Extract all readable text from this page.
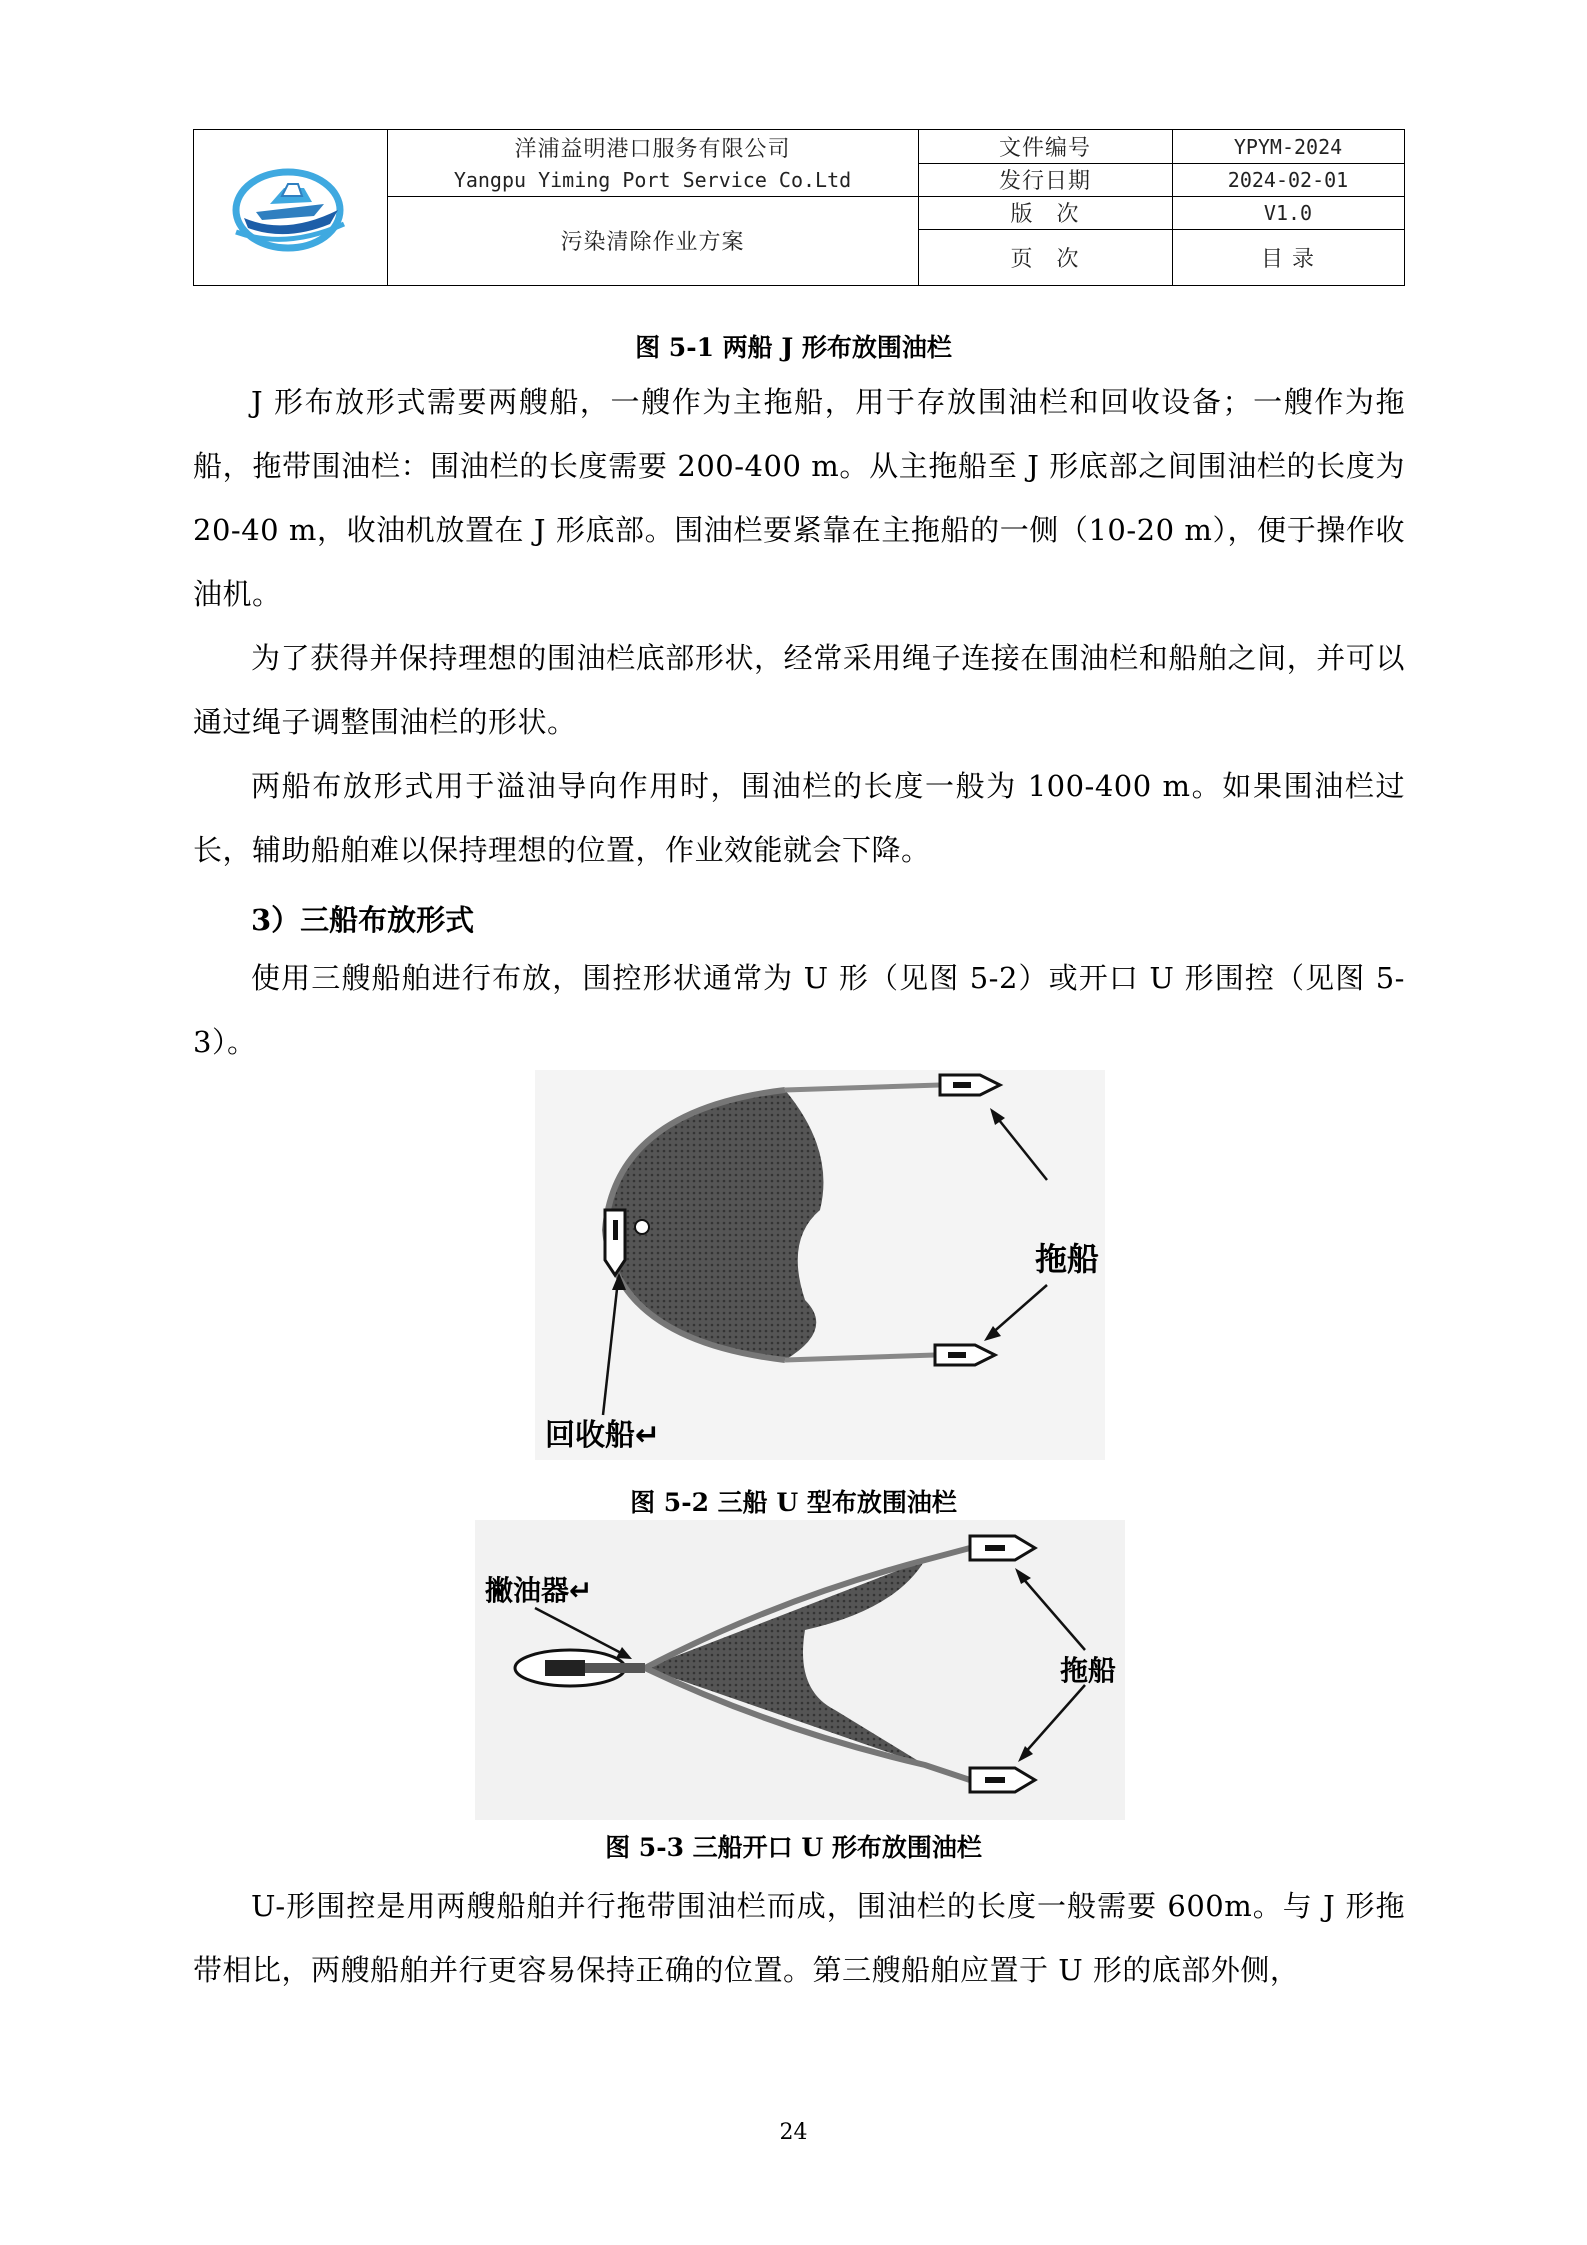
洋浦益明港口服务有限公司
Yangpu Yiming Port Service Co.Ltd
污染清除作业方案
文件编号	YPYM-2024
发行日期	2024-02-01
版　次	V1.0
页　次	目 录
图 5-1 两船 J 形布放围油栏

J 形布放形式需要两艘船，一艘作为主拖船，用于存放围油栏和回收设备；一艘作为拖船，拖带围油栏：围油栏的长度需要 200-400 m。从主拖船至 J 形底部之间围油栏的长度为 20-40 m，收油机放置在 J 形底部。围油栏要紧靠在主拖船的一侧（10-20 m），便于操作收油机。

为了获得并保持理想的围油栏底部形状，经常采用绳子连接在围油栏和船舶之间，并可以通过绳子调整围油栏的形状。

两船布放形式用于溢油导向作用时，围油栏的长度一般为 100-400 m。如果围油栏过长，辅助船舶难以保持理想的位置，作业效能就会下降。

3）三船布放形式

使用三艘船舶进行布放，围控形状通常为 U 形（见图 5-2）或开口 U 形围控（见图 5-3）。

拖船
回收船↵
图 5-2 三船 U 型布放围油栏
撇油器↵
拖船
图 5-3 三船开口 U 形布放围油栏

U-形围控是用两艘船舶并行拖带围油栏而成，围油栏的长度一般需要 600m。与 J 形拖带相比，两艘船舶并行更容易保持正确的位置。第三艘船舶应置于 U 形的底部外侧，

24
